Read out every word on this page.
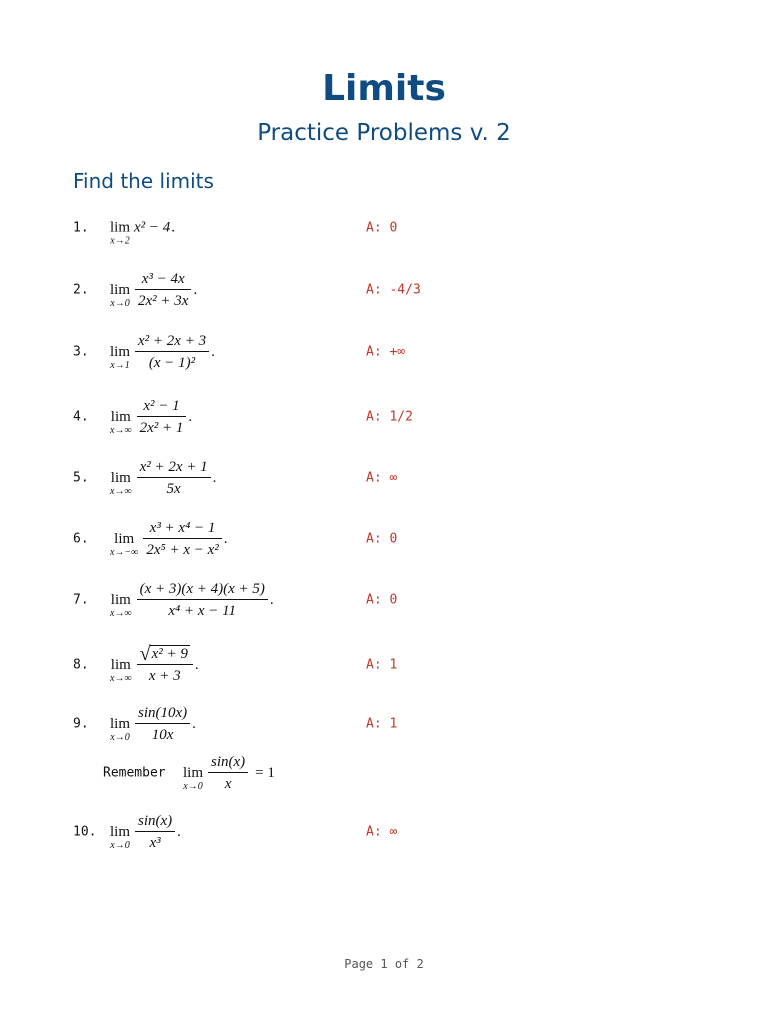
Limits
Practice Problems v. 2
Find the limits
1. lim
x→2
x² − 4 .	A: 0
2. lim
$x\to 0 \frac{\text{x³ − 4x}}{\text{2x² + 3x}}$ .	A: -4/3
3. lim
$x\to 1 \frac{\text{x² + 2x + 3}}{\text{(x − 1)²}}$ .	A: +∞
4. lim
$x\to\infty \frac{\text{x² − 1}}{\text{2x² + 1}}$ .	A: 1/2
5. lim
$x\to\infty \frac{\text{x² + 2x + 1}}{5x}$ .	A: ∞
6. lim
$x\to-\infty \frac{\text{x³ + x⁴ − 1}}{\text{2x⁵ + x − x²}}$ .	A: 0
7. lim
$x\to\infty \frac{(x + 3)(x + 4)(x + 5)}{\text{x⁴ + x − 11}}$ .	A: 0
8. lim
$x\to\infty \frac{\text{√ x² + 9}}{x + 3}$ .	A: 1
9. lim
$x\to 0 \frac{\sin(10x)}{10x}$ .	A: 1
Remember lim
$x\to 0 \frac{\sin(x)}{x} = 1$
10. lim
$x\to 0 \frac{\sin(x)}{\text{x³}}$ .	A: ∞
Page 1 of 2
